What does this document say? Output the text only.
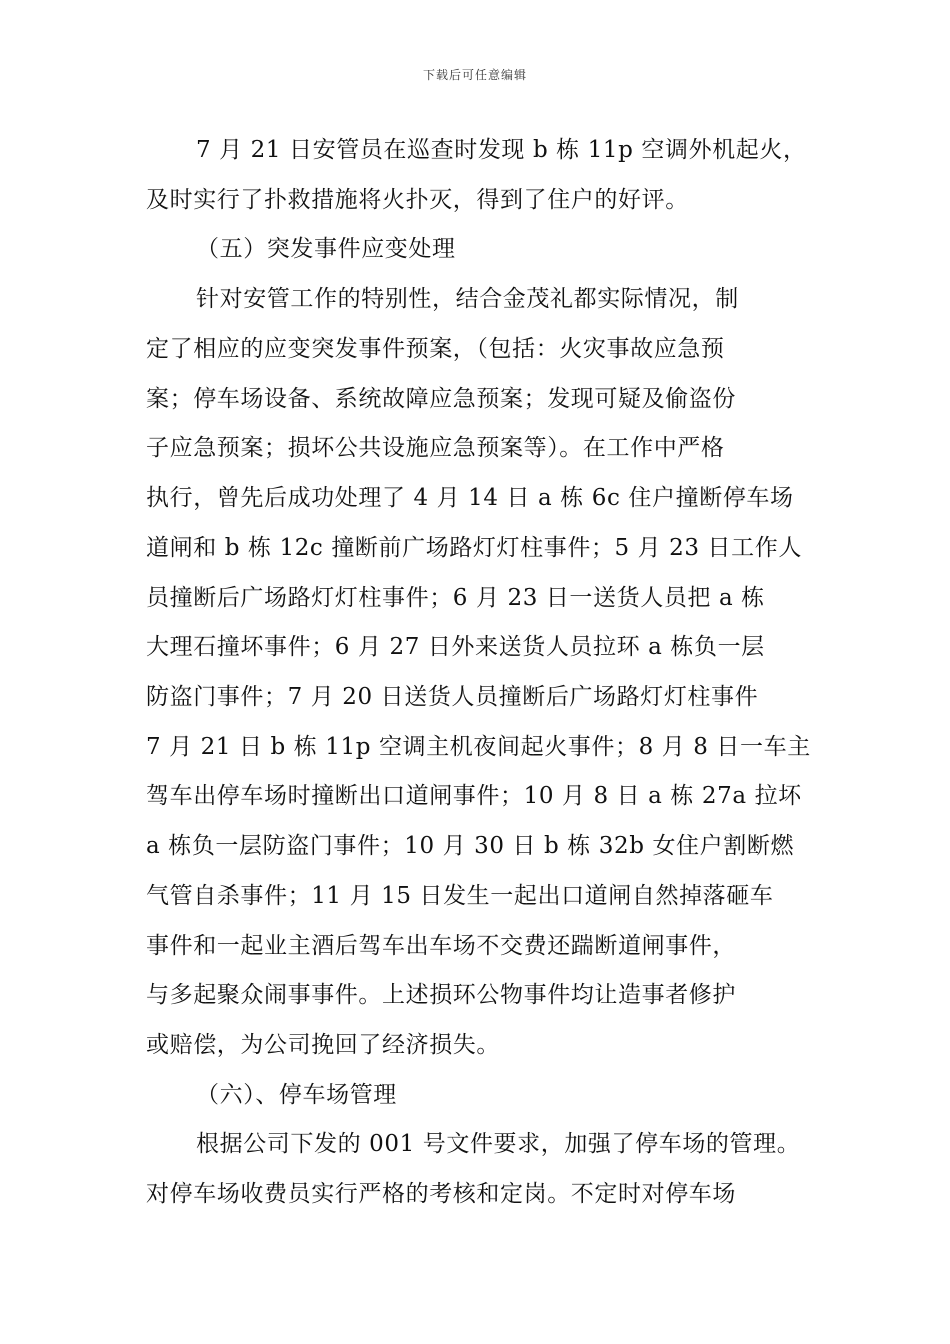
下载后可任意编辑
7 月 21 日安管员在巡查时发现 b 栋 11p 空调外机起火，
及时实行了扑救措施将火扑灭，得到了住户的好评。
（五）突发事件应变处理
针对安管工作的特别性，结合金茂礼都实际情况，制
定了相应的应变突发事件预案，（包括：火灾事故应急预
案；停车场设备、系统故障应急预案；发现可疑及偷盗份
子应急预案；损坏公共设施应急预案等）。在工作中严格
执行，曾先后成功处理了 4 月 14 日 a 栋 6c 住户撞断停车场
道闸和 b 栋 12c 撞断前广场路灯灯柱事件；5 月 23 日工作人
员撞断后广场路灯灯柱事件；6 月 23 日一送货人员把 a 栋
大理石撞坏事件；6 月 27 日外来送货人员拉环 a 栋负一层
防盗门事件；7 月 20 日送货人员撞断后广场路灯灯柱事件
7 月 21 日 b 栋 11p 空调主机夜间起火事件；8 月 8 日一车主
驾车出停车场时撞断出口道闸事件；10 月 8 日 a 栋 27a 拉坏
a 栋负一层防盗门事件；10 月 30 日 b 栋 32b 女住户割断燃
气管自杀事件；11 月 15 日发生一起出口道闸自然掉落砸车
事件和一起业主酒后驾车出车场不交费还踹断道闸事件，
与多起聚众闹事事件。上述损环公物事件均让造事者修护
或赔偿，为公司挽回了经济损失。
（六）、停车场管理
根据公司下发的 001 号文件要求，加强了停车场的管理。
对停车场收费员实行严格的考核和定岗。不定时对停车场
